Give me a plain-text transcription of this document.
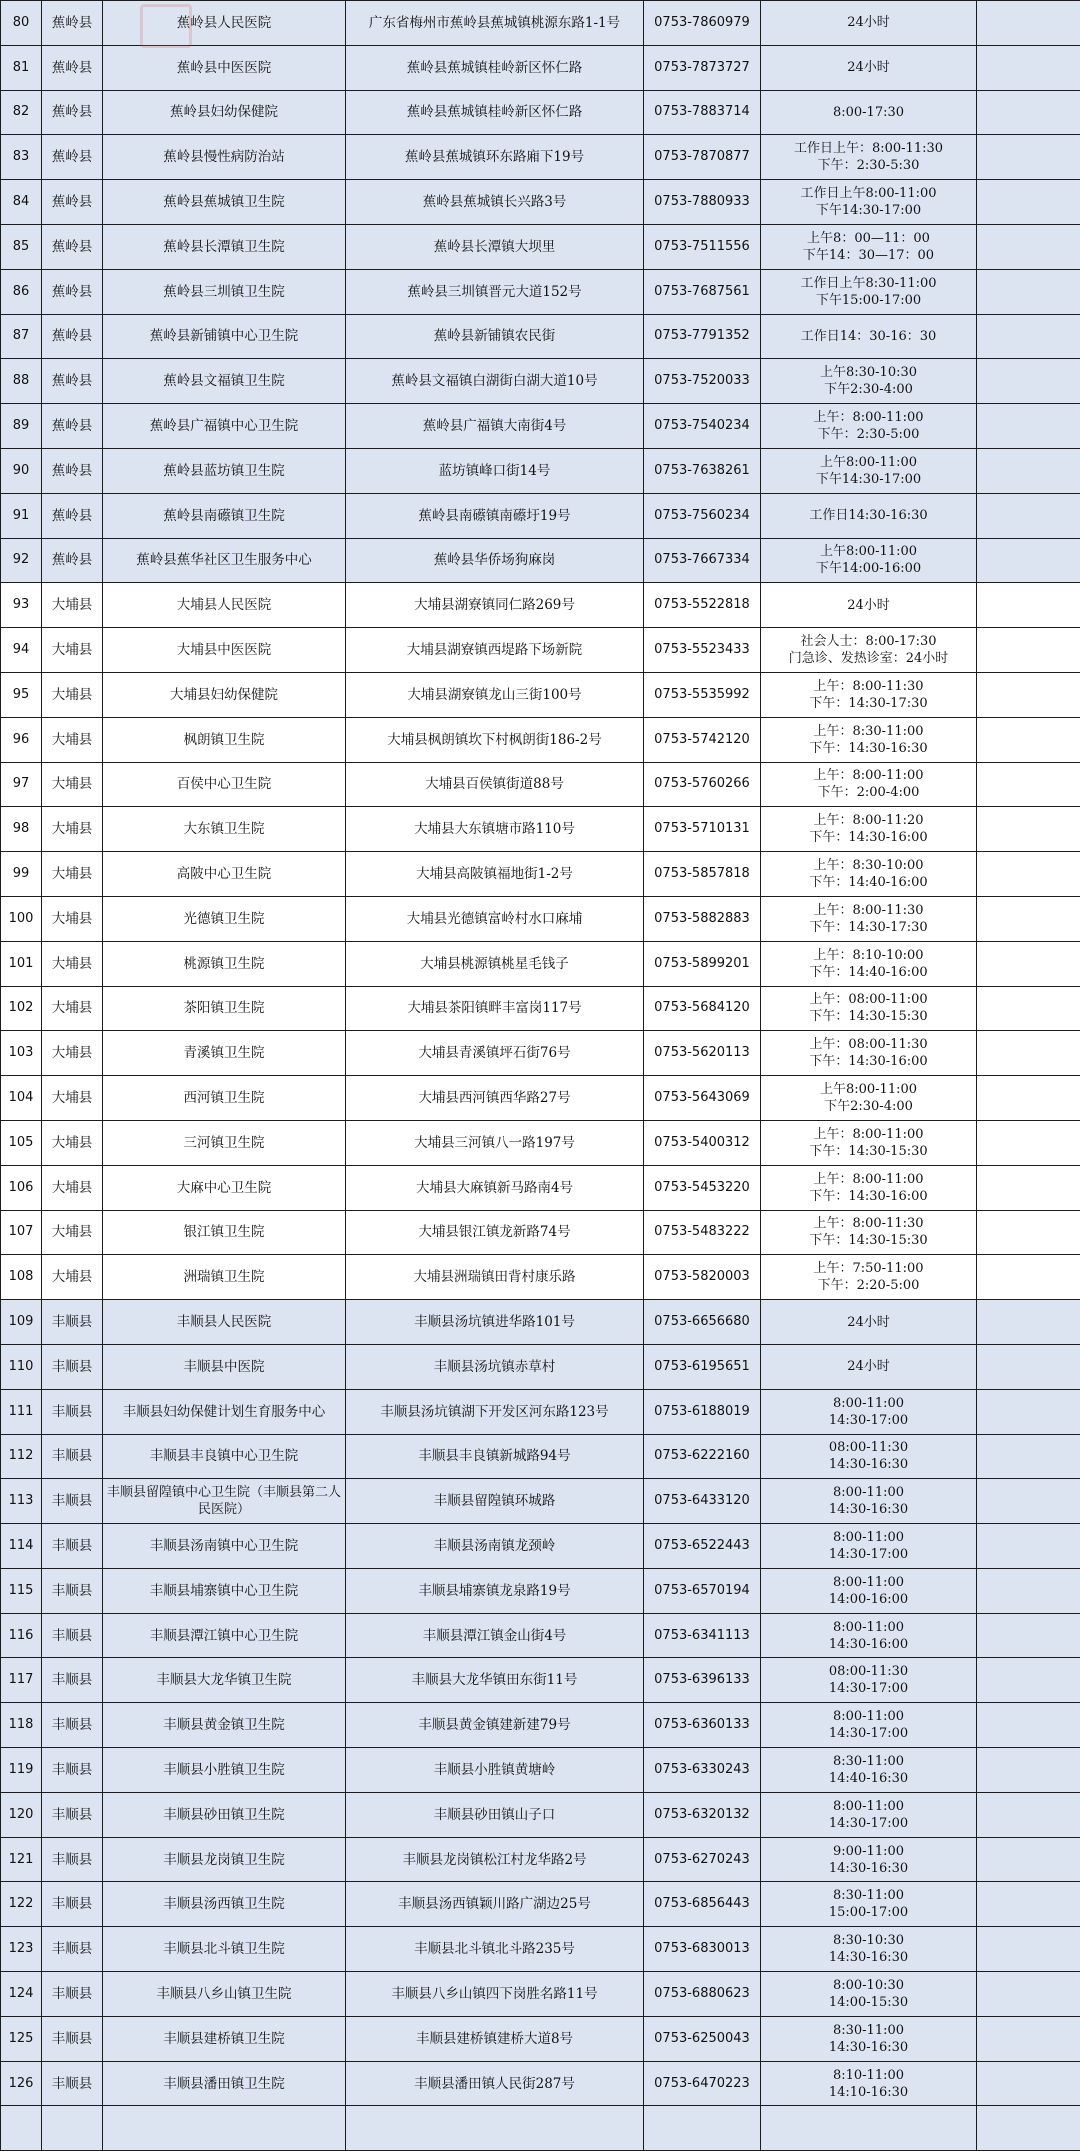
80	蕉岭县	蕉岭县人民医院	广东省梅州市蕉岭县蕉城镇桃源东路1-1号	0753-7860979	24小时	
81	蕉岭县	蕉岭县中医医院	蕉岭县蕉城镇桂岭新区怀仁路	0753-7873727	24小时	
82	蕉岭县	蕉岭县妇幼保健院	蕉岭县蕉城镇桂岭新区怀仁路	0753-7883714	8:00-17:30	
83	蕉岭县	蕉岭县慢性病防治站	蕉岭县蕉城镇环东路廂下19号	0753-7870877	工作日上午：8:00-11:30
下午：2:30-5:30	
84	蕉岭县	蕉岭县蕉城镇卫生院	蕉岭县蕉城镇长兴路3号	0753-7880933	工作日上午8:00-11:00
下午14:30-17:00	
85	蕉岭县	蕉岭县长潭镇卫生院	蕉岭县长潭镇大坝里	0753-7511556	上午8：00—11：00
下午14：30—17：00	
86	蕉岭县	蕉岭县三圳镇卫生院	蕉岭县三圳镇晋元大道152号	0753-7687561	工作日上午8:30-11:00
下午15:00-17:00	
87	蕉岭县	蕉岭县新铺镇中心卫生院	蕉岭县新铺镇农民街	0753-7791352	工作日14：30-16：30	
88	蕉岭县	蕉岭县文福镇卫生院	蕉岭县文福镇白湖街白湖大道10号	0753-7520033	上午8:30-10:30
下午2:30-4:00	
89	蕉岭县	蕉岭县广福镇中心卫生院	蕉岭县广福镇大南街4号	0753-7540234	上午：8:00-11:00
下午：2:30-5:00	
90	蕉岭县	蕉岭县蓝坊镇卫生院	蓝坊镇峰口街14号	0753-7638261	上午8:00-11:00
下午14:30-17:00	
91	蕉岭县	蕉岭县南礤镇卫生院	蕉岭县南礤镇南礤圩19号	0753-7560234	工作日14:30-16:30	
92	蕉岭县	蕉岭县蕉华社区卫生服务中心	蕉岭县华侨场狗麻岗	0753-7667334	上午8:00-11:00
下午14:00-16:00	
93	大埔县	大埔县人民医院	大埔县湖寮镇同仁路269号	0753-5522818	24小时	
94	大埔县	大埔县中医医院	大埔县湖寮镇西堤路下场新院	0753-5523433	社会人士：8:00-17:30
门急诊、发热诊室：24小时	
95	大埔县	大埔县妇幼保健院	大埔县湖寮镇龙山三街100号	0753-5535992	上午：8:00-11:30
下午：14:30-17:30	
96	大埔县	枫朗镇卫生院	大埔县枫朗镇坎下村枫朗街186-2号	0753-5742120	上午：8:30-11:00
下午：14:30-16:30	
97	大埔县	百侯中心卫生院	大埔县百侯镇街道88号	0753-5760266	上午：8:00-11:00
下午：2:00-4:00	
98	大埔县	大东镇卫生院	大埔县大东镇塘市路110号	0753-5710131	上午：8:00-11:20
下午：14:30-16:00	
99	大埔县	高陂中心卫生院	大埔县高陂镇福地街1-2号	0753-5857818	上午：8:30-10:00
下午：14:40-16:00	
100	大埔县	光德镇卫生院	大埔县光德镇富岭村水口麻埔	0753-5882883	上午：8:00-11:30
下午：14:30-17:30	
101	大埔县	桃源镇卫生院	大埔县桃源镇桃星毛钱子	0753-5899201	上午：8:10-10:00
下午：14:40-16:00	
102	大埔县	茶阳镇卫生院	大埔县茶阳镇畔丰富岗117号	0753-5684120	上午：08:00-11:00
下午：14:30-15:30	
103	大埔县	青溪镇卫生院	大埔县青溪镇坪石街76号	0753-5620113	上午：08:00-11:30
下午：14:30-16:00	
104	大埔县	西河镇卫生院	大埔县西河镇西华路27号	0753-5643069	上午8:00-11:00
下午2:30-4:00	
105	大埔县	三河镇卫生院	大埔县三河镇八一路197号	0753-5400312	上午：8:00-11:00
下午：14:30-15:30	
106	大埔县	大麻中心卫生院	大埔县大麻镇新马路南4号	0753-5453220	上午：8:00-11:00
下午：14:30-16:00	
107	大埔县	银江镇卫生院	大埔县银江镇龙新路74号	0753-5483222	上午：8:00-11:30
下午：14:30-15:30	
108	大埔县	洲瑞镇卫生院	大埔县洲瑞镇田背村康乐路	0753-5820003	上午：7:50-11:00
下午：2:20-5:00	
109	丰顺县	丰顺县人民医院	丰顺县汤坑镇进华路101号	0753-6656680	24小时	
110	丰顺县	丰顺县中医院	丰顺县汤坑镇赤草村	0753-6195651	24小时	
111	丰顺县	丰顺县妇幼保健计划生育服务中心	丰顺县汤坑镇湖下开发区河东路123号	0753-6188019	8:00-11:00
14:30-17:00	
112	丰顺县	丰顺县丰良镇中心卫生院	丰顺县丰良镇新城路94号	0753-6222160	08:00-11:30
14:30-16:30	
113	丰顺县	丰顺县留隍镇中心卫生院（丰顺县第二人民医院）	丰顺县留隍镇环城路	0753-6433120	8:00-11:00
14:30-16:30	
114	丰顺县	丰顺县汤南镇中心卫生院	丰顺县汤南镇龙颈岭	0753-6522443	8:00-11:00
14:30-17:00	
115	丰顺县	丰顺县埔寨镇中心卫生院	丰顺县埔寨镇龙泉路19号	0753-6570194	8:00-11:00
14:00-16:00	
116	丰顺县	丰顺县潭江镇中心卫生院	丰顺县潭江镇金山街4号	0753-6341113	8:00-11:00
14:30-16:00	
117	丰顺县	丰顺县大龙华镇卫生院	丰顺县大龙华镇田东街11号	0753-6396133	08:00-11:30
14:30-17:00	
118	丰顺县	丰顺县黄金镇卫生院	丰顺县黄金镇建新建79号	0753-6360133	8:00-11:00
14:30-17:00	
119	丰顺县	丰顺县小胜镇卫生院	丰顺县小胜镇黄塘岭	0753-6330243	8:30-11:00
14:40-16:30	
120	丰顺县	丰顺县砂田镇卫生院	丰顺县砂田镇山子口	0753-6320132	8:00-11:00
14:30-17:00	
121	丰顺县	丰顺县龙岗镇卫生院	丰顺县龙岗镇松江村龙华路2号	0753-6270243	9:00-11:00
14:30-16:30	
122	丰顺县	丰顺县汤西镇卫生院	丰顺县汤西镇颖川路广湖边25号	0753-6856443	8:30-11:00
15:00-17:00	
123	丰顺县	丰顺县北斗镇卫生院	丰顺县北斗镇北斗路235号	0753-6830013	8:30-10:30
14:30-16:30	
124	丰顺县	丰顺县八乡山镇卫生院	丰顺县八乡山镇四下岗胜名路11号	0753-6880623	8:00-10:30
14:00-15:30	
125	丰顺县	丰顺县建桥镇卫生院	丰顺县建桥镇建桥大道8号	0753-6250043	8:30-11:00
14:30-16:30	
126	丰顺县	丰顺县潘田镇卫生院	丰顺县潘田镇人民街287号	0753-6470223	8:10-11:00
14:10-16:30	
